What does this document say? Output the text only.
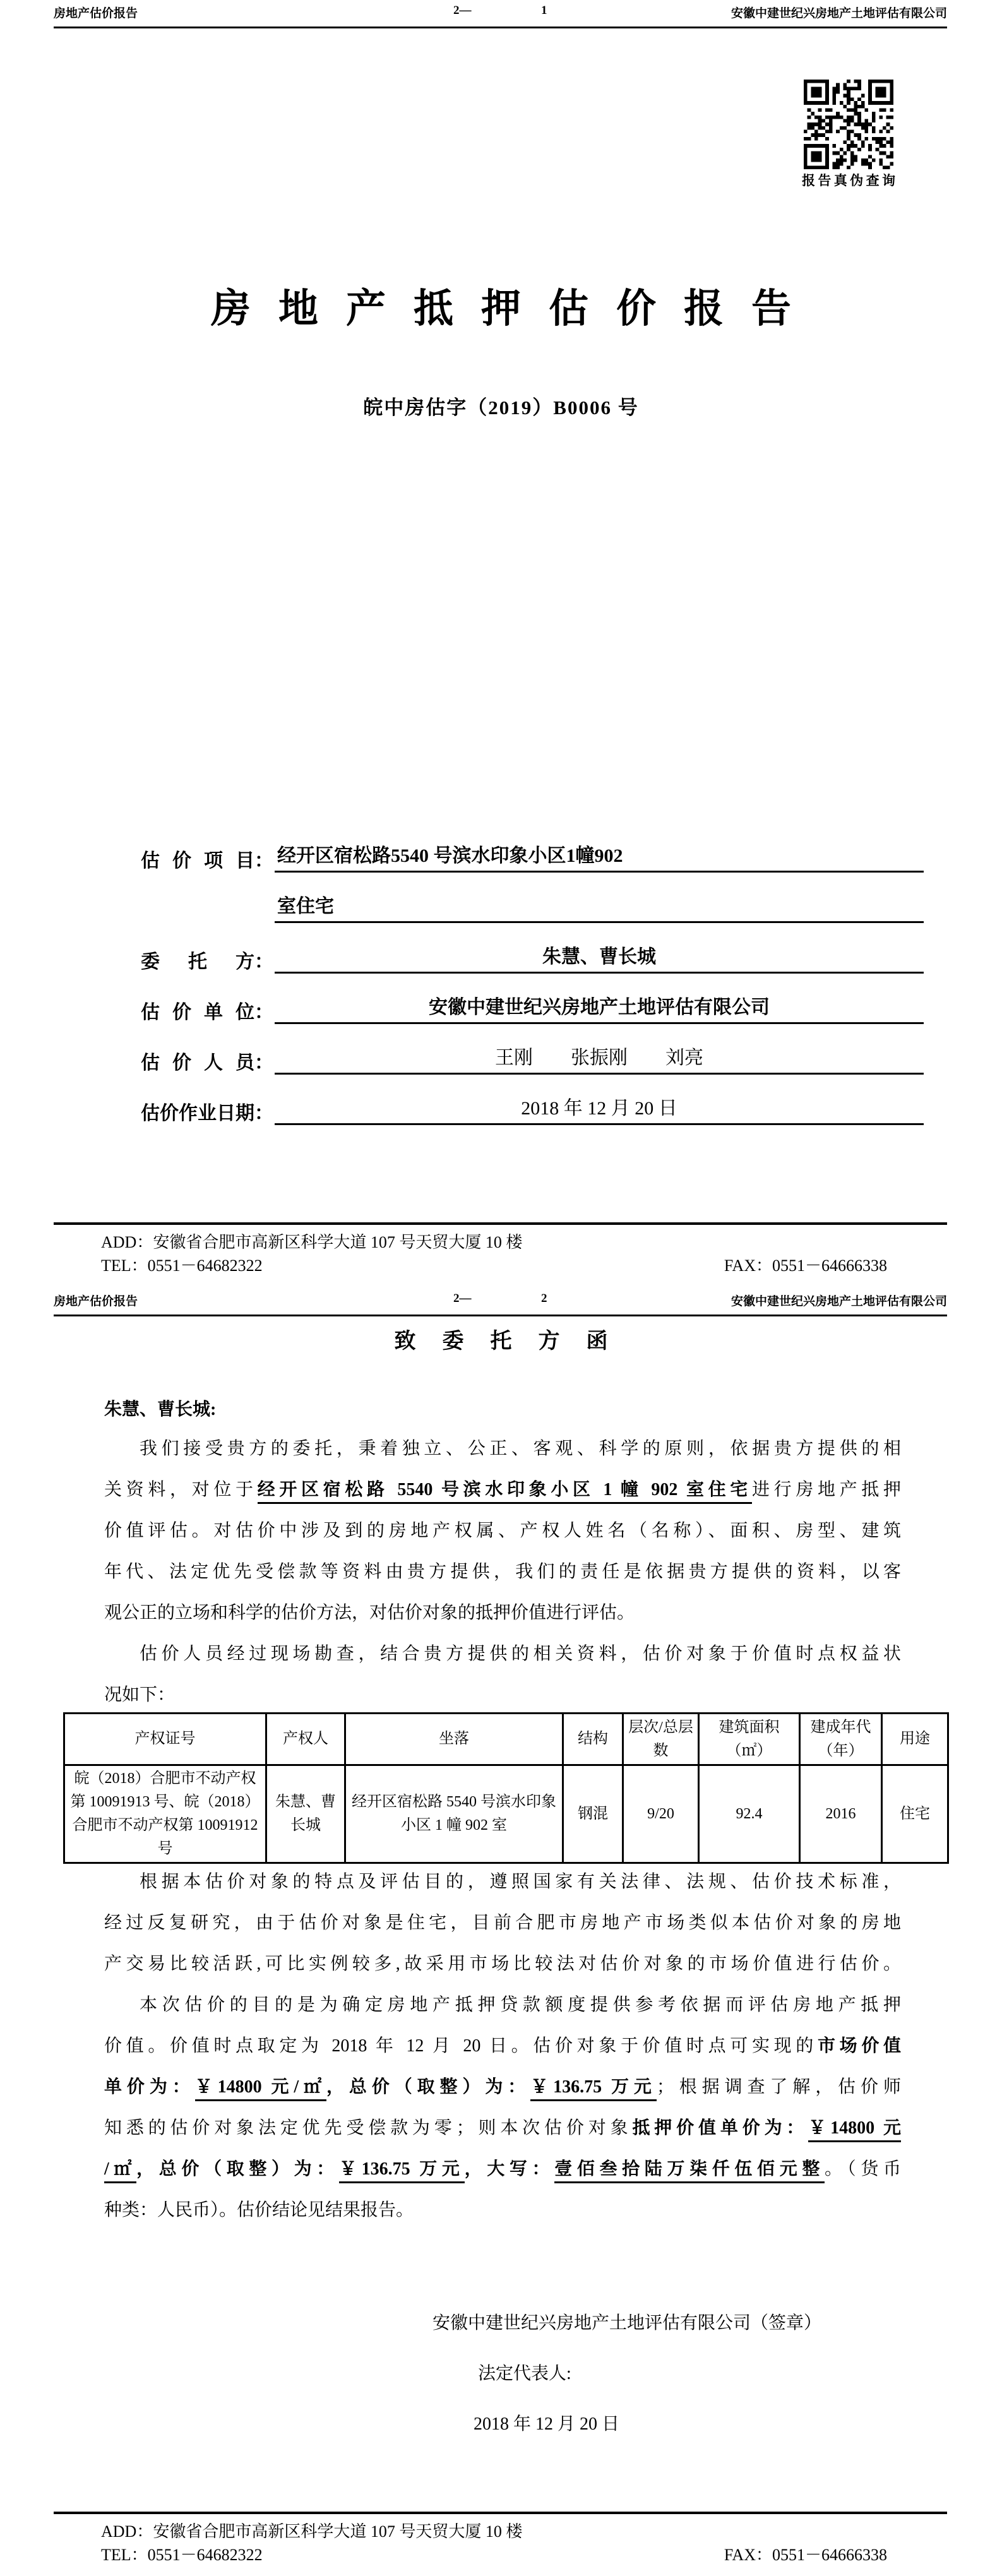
房地产估价报告	2—	1	安徽中建世纪兴房地产土地评估有限公司
报告真伪查询
房地产抵押估价报告
皖中房估字（2019）B0006 号
估价项目 ： 经开区宿松路5540 号滨水印象小区1幢902
室住宅
委　托　方 ：	朱慧、曹长城
估价单位 ：	安徽中建世纪兴房地产土地评估有限公司
估价人员 ：	王刚　　张振刚　　刘亮
估价作业日期 ：	2018 年 12 月 20 日
ADD：安徽省合肥市高新区科学大道 107 号天贸大厦 10 楼
TEL：0551－64682322	FAX：0551－64666338
房地产估价报告	2—	2	安徽中建世纪兴房地产土地评估有限公司
致委托方函
朱慧、曹长城:
我们接受贵方的委托，秉着独立、公正、客观、科学的原则，依据贵方提供的相
关资料，对位于经开区宿松路 5540 号滨水印象小区 1 幢 902 室住宅进行房地产抵押
价值评估。对估价中涉及到的房地产权属、产权人姓名（名称）、面积、房型、建筑
年代、法定优先受偿款等资料由贵方提供，我们的责任是依据贵方提供的资料，以客
观公正的立场和科学的估价方法，对估价对象的抵押价值进行评估。
估价人员经过现场勘查，结合贵方提供的相关资料，估价对象于价值时点权益状
况如下：
产权证号	产权人	坐落	结构	层次/总层数	建筑面积（㎡）	建成年代（年）	用途
皖（2018）合肥市不动产权第 10091913 号、皖（2018）合肥市不动产权第 10091912 号	朱慧、曹长城	经开区宿松路 5540 号滨水印象小区 1 幢 902 室	钢混	9/20	92.4	2016	住宅
根据本估价对象的特点及评估目的，遵照国家有关法律、法规、估价技术标准，
经过反复研究，由于估价对象是住宅，目前合肥市房地产市场类似本估价对象的房地
产交易比较活跃,可比实例较多,故采用市场比较法对估价对象的市场价值进行估价。
本次估价的目的是为确定房地产抵押贷款额度提供参考依据而评估房地产抵押
价值。价值时点取定为 2018 年 12 月 20 日。估价对象于价值时点可实现的市场价值
单价为：￥14800 元/㎡，总价（取整）为：￥136.75 万元；根据调查了解，估价师
知悉的估价对象法定优先受偿款为零；则本次估价对象抵押价值单价为：￥14800 元
/㎡，总价（取整）为：￥136.75 万元，大写：壹佰叁拾陆万柒仟伍佰元整。（货币
种类：人民币）。估价结论见结果报告。
安徽中建世纪兴房地产土地评估有限公司（签章）
法定代表人:
2018 年 12 月 20 日
ADD：安徽省合肥市高新区科学大道 107 号天贸大厦 10 楼
TEL：0551－64682322	FAX：0551－64666338
